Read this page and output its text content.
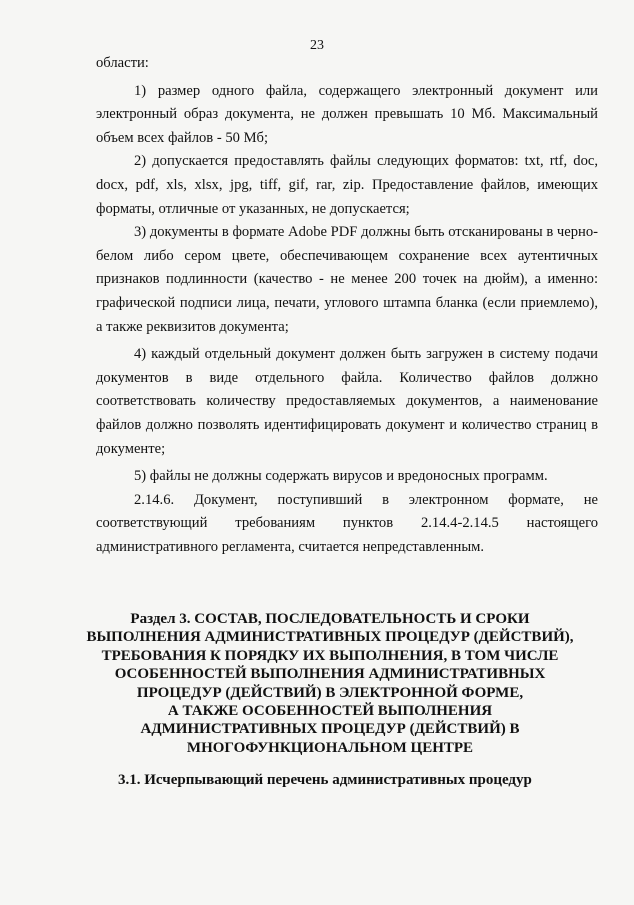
23

области:

1) размер одного файла, содержащего электронный документ или электронный образ документа, не должен превышать 10 Мб. Максимальный объем всех файлов - 50 Мб;

2) допускается предоставлять файлы следующих форматов: txt, rtf, doc, docx, pdf, xls, xlsx, jpg, tiff, gif, rar, zip. Предоставление файлов, имеющих форматы, отличные от указанных, не допускается;

3) документы в формате Adobe PDF должны быть отсканированы в черно-белом либо сером цвете, обеспечивающем сохранение всех аутентичных признаков подлинности (качество - не менее 200 точек на дюйм), а именно: графической подписи лица, печати, углового штампа бланка (если приемлемо), а также реквизитов документа;

4) каждый отдельный документ должен быть загружен в систему подачи документов в виде отдельного файла. Количество файлов должно соответствовать количеству предоставляемых документов, а наименование файлов должно позволять идентифицировать документ и количество страниц в документе;

5) файлы не должны содержать вирусов и вредоносных программ.

2.14.6. Документ, поступивший в электронном формате, не соответствующий требованиям пунктов 2.14.4-2.14.5 настоящего административного регламента, считается непредставленным.

Раздел 3. СОСТАВ, ПОСЛЕДОВАТЕЛЬНОСТЬ И СРОКИ
ВЫПОЛНЕНИЯ АДМИНИСТРАТИВНЫХ ПРОЦЕДУР (ДЕЙСТВИЙ),
ТРЕБОВАНИЯ К ПОРЯДКУ ИХ ВЫПОЛНЕНИЯ, В ТОМ ЧИСЛЕ
ОСОБЕННОСТЕЙ ВЫПОЛНЕНИЯ АДМИНИСТРАТИВНЫХ
ПРОЦЕДУР (ДЕЙСТВИЙ) В ЭЛЕКТРОННОЙ ФОРМЕ,
А ТАКЖЕ ОСОБЕННОСТЕЙ ВЫПОЛНЕНИЯ
АДМИНИСТРАТИВНЫХ ПРОЦЕДУР (ДЕЙСТВИЙ) В
МНОГОФУНКЦИОНАЛЬНОМ ЦЕНТРЕ
3.1. Исчерпывающий перечень административных процедур
